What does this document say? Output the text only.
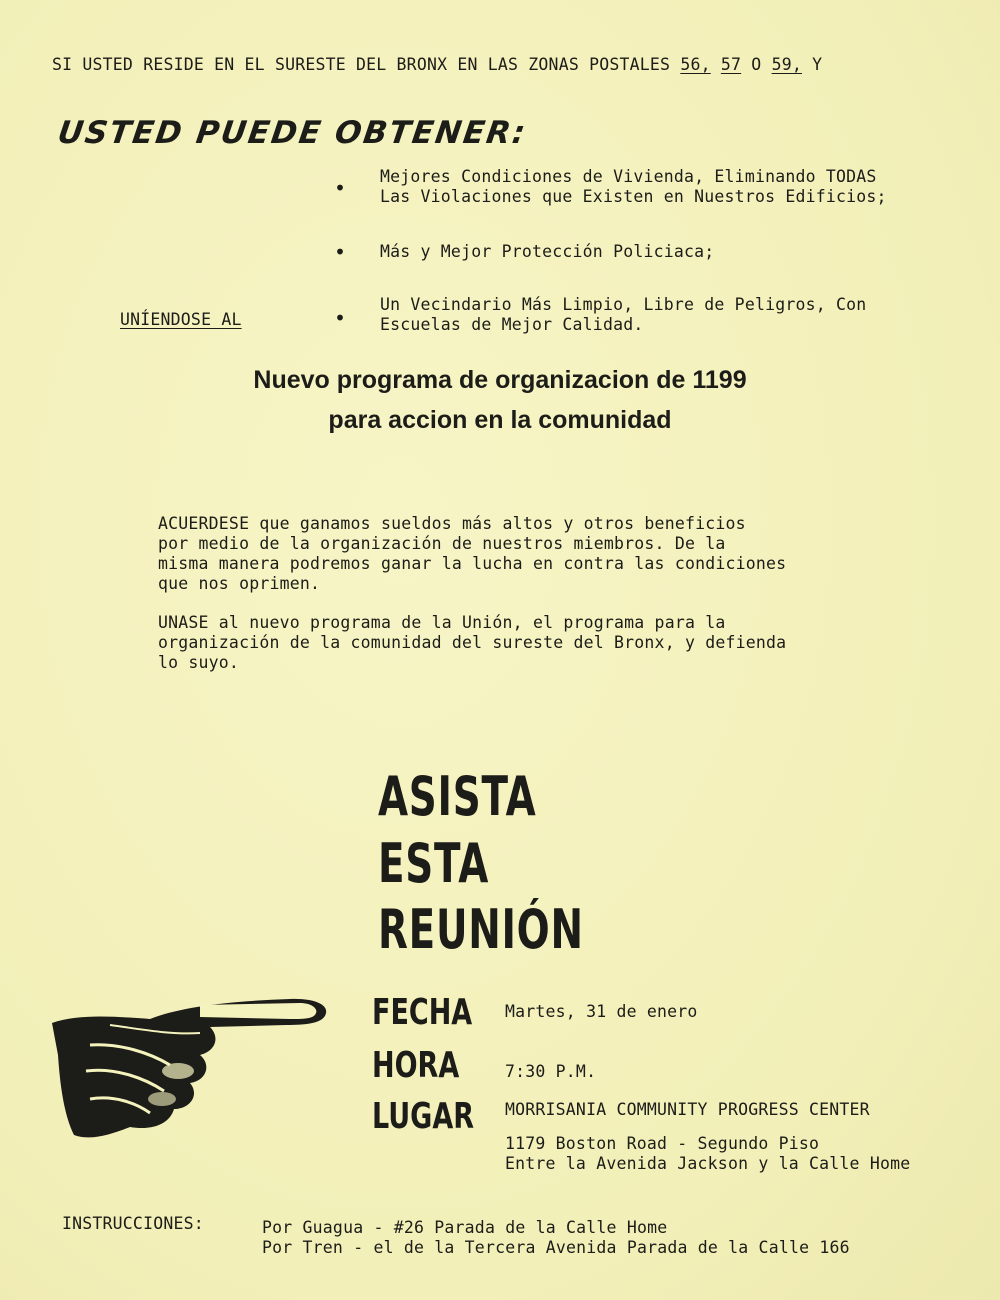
SI USTED RESIDE EN EL SURESTE DEL BRONX EN LAS ZONAS POSTALES 56, 57 O 59, Y
USTED PUEDE OBTENER:
• Mejores Condiciones de Vivienda, Eliminando TODAS
Las Violaciones que Existen en Nuestros Edificios;
• Más y Mejor Protección Policiaca;
•
Un Vecindario Más Limpio, Libre de Peligros, Con
Escuelas de Mejor Calidad.
UNÍENDOSE AL
Nuevo programa de organizacion de 1199
para accion en la comunidad
ACUERDESE que ganamos sueldos más altos y otros beneficios
por medio de la organización de nuestros miembros. De la
misma manera podremos ganar la lucha en contra las condiciones
que nos oprimen.
UNASE al nuevo programa de la Unión, el programa para la
organización de la comunidad del sureste del Bronx, y defienda
lo suyo.
ASISTA
ESTA
REUNIÓN
FECHA Martes, 31 de enero
HORA	7:30 P.M.
LUGAR MORRISANIA COMMUNITY PROGRESS CENTER
1179 Boston Road - Segundo Piso
Entre la Avenida Jackson y la Calle Home
INSTRUCCIONES:	Por Guagua - #26 Parada de la Calle Home
Por Tren - el de la Tercera Avenida Parada de la Calle 166
